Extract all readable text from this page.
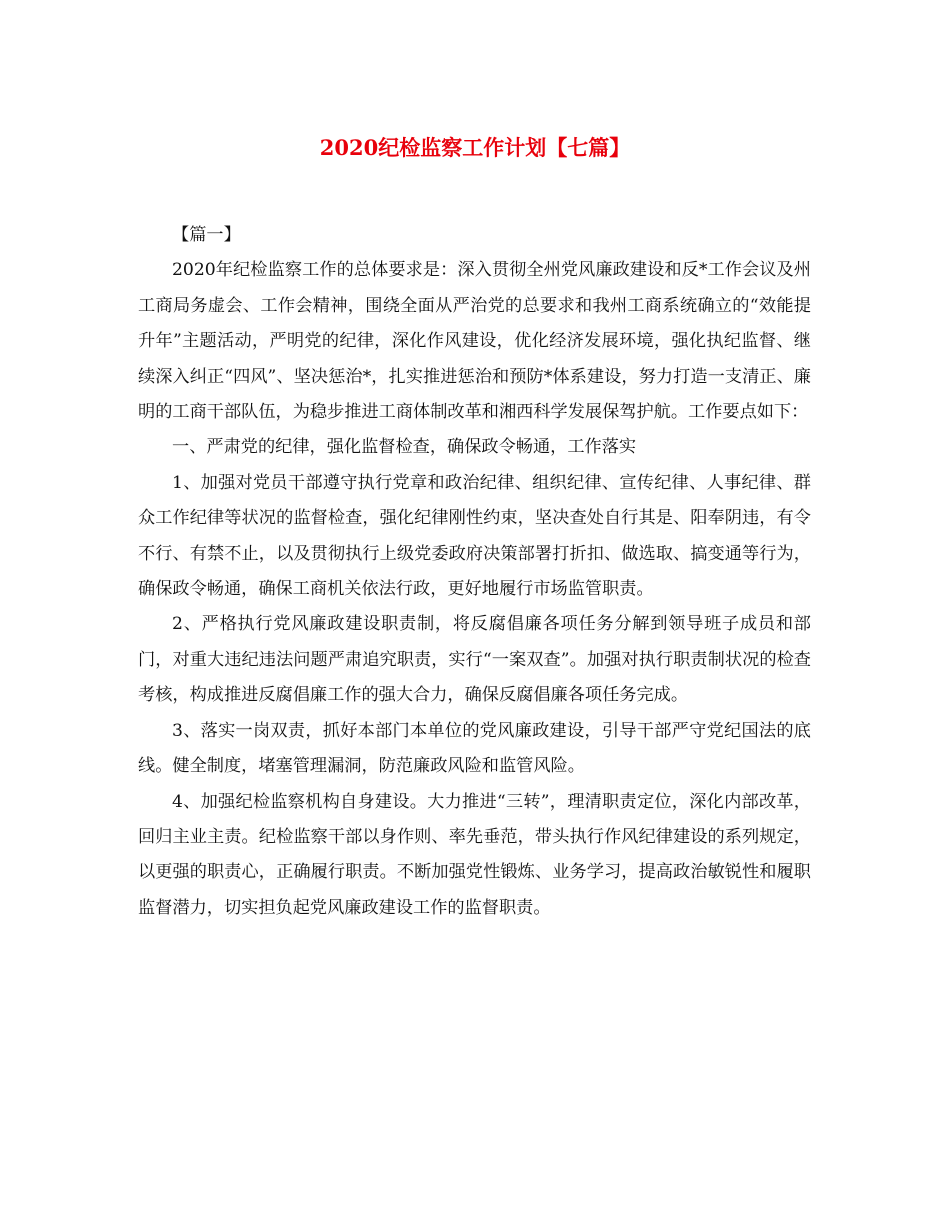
2020纪检监察工作计划【七篇】

【篇一】

2020年纪检监察工作的总体要求是：深入贯彻全州党风廉政建设和反*工作会议及州工商局务虚会、工作会精神，围绕全面从严治党的总要求和我州工商系统确立的“效能提升年”主题活动，严明党的纪律，深化作风建设，优化经济发展环境，强化执纪监督、继续深入纠正“四风”、坚决惩治*，扎实推进惩治和预防*体系建设，努力打造一支清正、廉明的工商干部队伍，为稳步推进工商体制改革和湘西科学发展保驾护航。工作要点如下：

一、严肃党的纪律，强化监督检查，确保政令畅通，工作落实

1、加强对党员干部遵守执行党章和政治纪律、组织纪律、宣传纪律、人事纪律、群众工作纪律等状况的监督检查，强化纪律刚性约束，坚决查处自行其是、阳奉阴违，有令不行、有禁不止，以及贯彻执行上级党委政府决策部署打折扣、做选取、搞变通等行为，确保政令畅通，确保工商机关依法行政，更好地履行市场监管职责。

2、严格执行党风廉政建设职责制，将反腐倡廉各项任务分解到领导班子成员和部门，对重大违纪违法问题严肃追究职责，实行“一案双查”。加强对执行职责制状况的检查考核，构成推进反腐倡廉工作的强大合力，确保反腐倡廉各项任务完成。

3、落实一岗双责，抓好本部门本单位的党风廉政建设，引导干部严守党纪国法的底线。健全制度，堵塞管理漏洞，防范廉政风险和监管风险。

4、加强纪检监察机构自身建设。大力推进“三转”，理清职责定位，深化内部改革，回归主业主责。纪检监察干部以身作则、率先垂范，带头执行作风纪律建设的系列规定，以更强的职责心，正确履行职责。不断加强党性锻炼、业务学习，提高政治敏锐性和履职监督潜力，切实担负起党风廉政建设工作的监督职责。
